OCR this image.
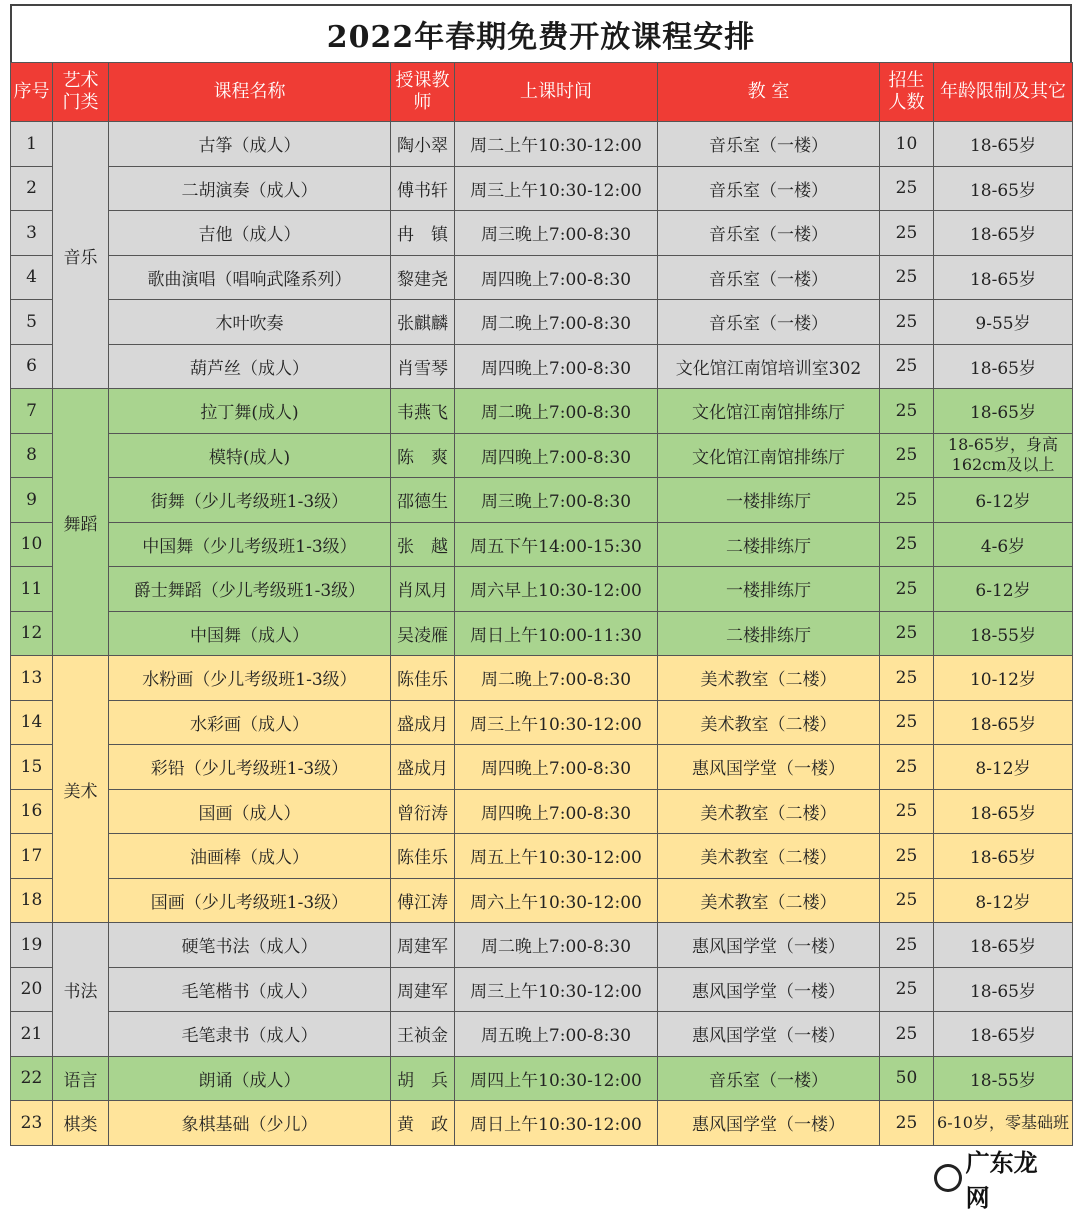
2022年春期免费开放课程安排
序号	艺术门类	课程名称	授课教师	上课时间	教 室	招生人数	年龄限制及其它
1	音乐	古筝（成人）	陶小翠	周二上午10:30-12:00	音乐室（一楼）	10	18-65岁
2		二胡演奏（成人）	傅书轩	周三上午10:30-12:00	音乐室（一楼）	25	18-65岁
3		吉他（成人）	冉　镇	周三晚上7:00-8:30	音乐室（一楼）	25	18-65岁
4		歌曲演唱（唱响武隆系列）	黎建尧	周四晚上7:00-8:30	音乐室（一楼）	25	18-65岁
5		木叶吹奏	张麒麟	周二晚上7:00-8:30	音乐室（一楼）	25	9-55岁
6		葫芦丝（成人）	肖雪琴	周四晚上7:00-8:30	文化馆江南馆培训室302	25	18-65岁
7	舞蹈	拉丁舞(成人)	韦燕飞	周二晚上7:00-8:30	文化馆江南馆排练厅	25	18-65岁
8		模特(成人)	陈　爽	周四晚上7:00-8:30	文化馆江南馆排练厅	25	18-65岁，身高162cm及以上
9		街舞（少儿考级班1-3级）	邵德生	周三晚上7:00-8:30	一楼排练厅	25	6-12岁
10		中国舞（少儿考级班1-3级）	张　越	周五下午14:00-15:30	二楼排练厅	25	4-6岁
11		爵士舞蹈（少儿考级班1-3级）	肖凤月	周六早上10:30-12:00	一楼排练厅	25	6-12岁
12		中国舞（成人）	吴凌雁	周日上午10:00-11:30	二楼排练厅	25	18-55岁
13	美术	水粉画（少儿考级班1-3级）	陈佳乐	周二晚上7:00-8:30	美术教室（二楼）	25	10-12岁
14		水彩画（成人）	盛成月	周三上午10:30-12:00	美术教室（二楼）	25	18-65岁
15		彩铅（少儿考级班1-3级）	盛成月	周四晚上7:00-8:30	惠风国学堂（一楼）	25	8-12岁
16		国画（成人）	曾衍涛	周四晚上7:00-8:30	美术教室（二楼）	25	18-65岁
17		油画棒（成人）	陈佳乐	周五上午10:30-12:00	美术教室（二楼）	25	18-65岁
18		国画（少儿考级班1-3级）	傅江涛	周六上午10:30-12:00	美术教室（二楼）	25	8-12岁
19	书法	硬笔书法（成人）	周建军	周二晚上7:00-8:30	惠风国学堂（一楼）	25	18-65岁
20		毛笔楷书（成人）	周建军	周三上午10:30-12:00	惠风国学堂（一楼）	25	18-65岁
21		毛笔隶书（成人）	王祯金	周五晚上7:00-8:30	惠风国学堂（一楼）	25	18-65岁
22	语言	朗诵（成人）	胡　兵	周四上午10:30-12:00	音乐室（一楼）	50	18-55岁
23	棋类	象棋基础（少儿）	黄　政	周日上午10:30-12:00	惠风国学堂（一楼）	25	6-10岁，零基础班
广东龙网
